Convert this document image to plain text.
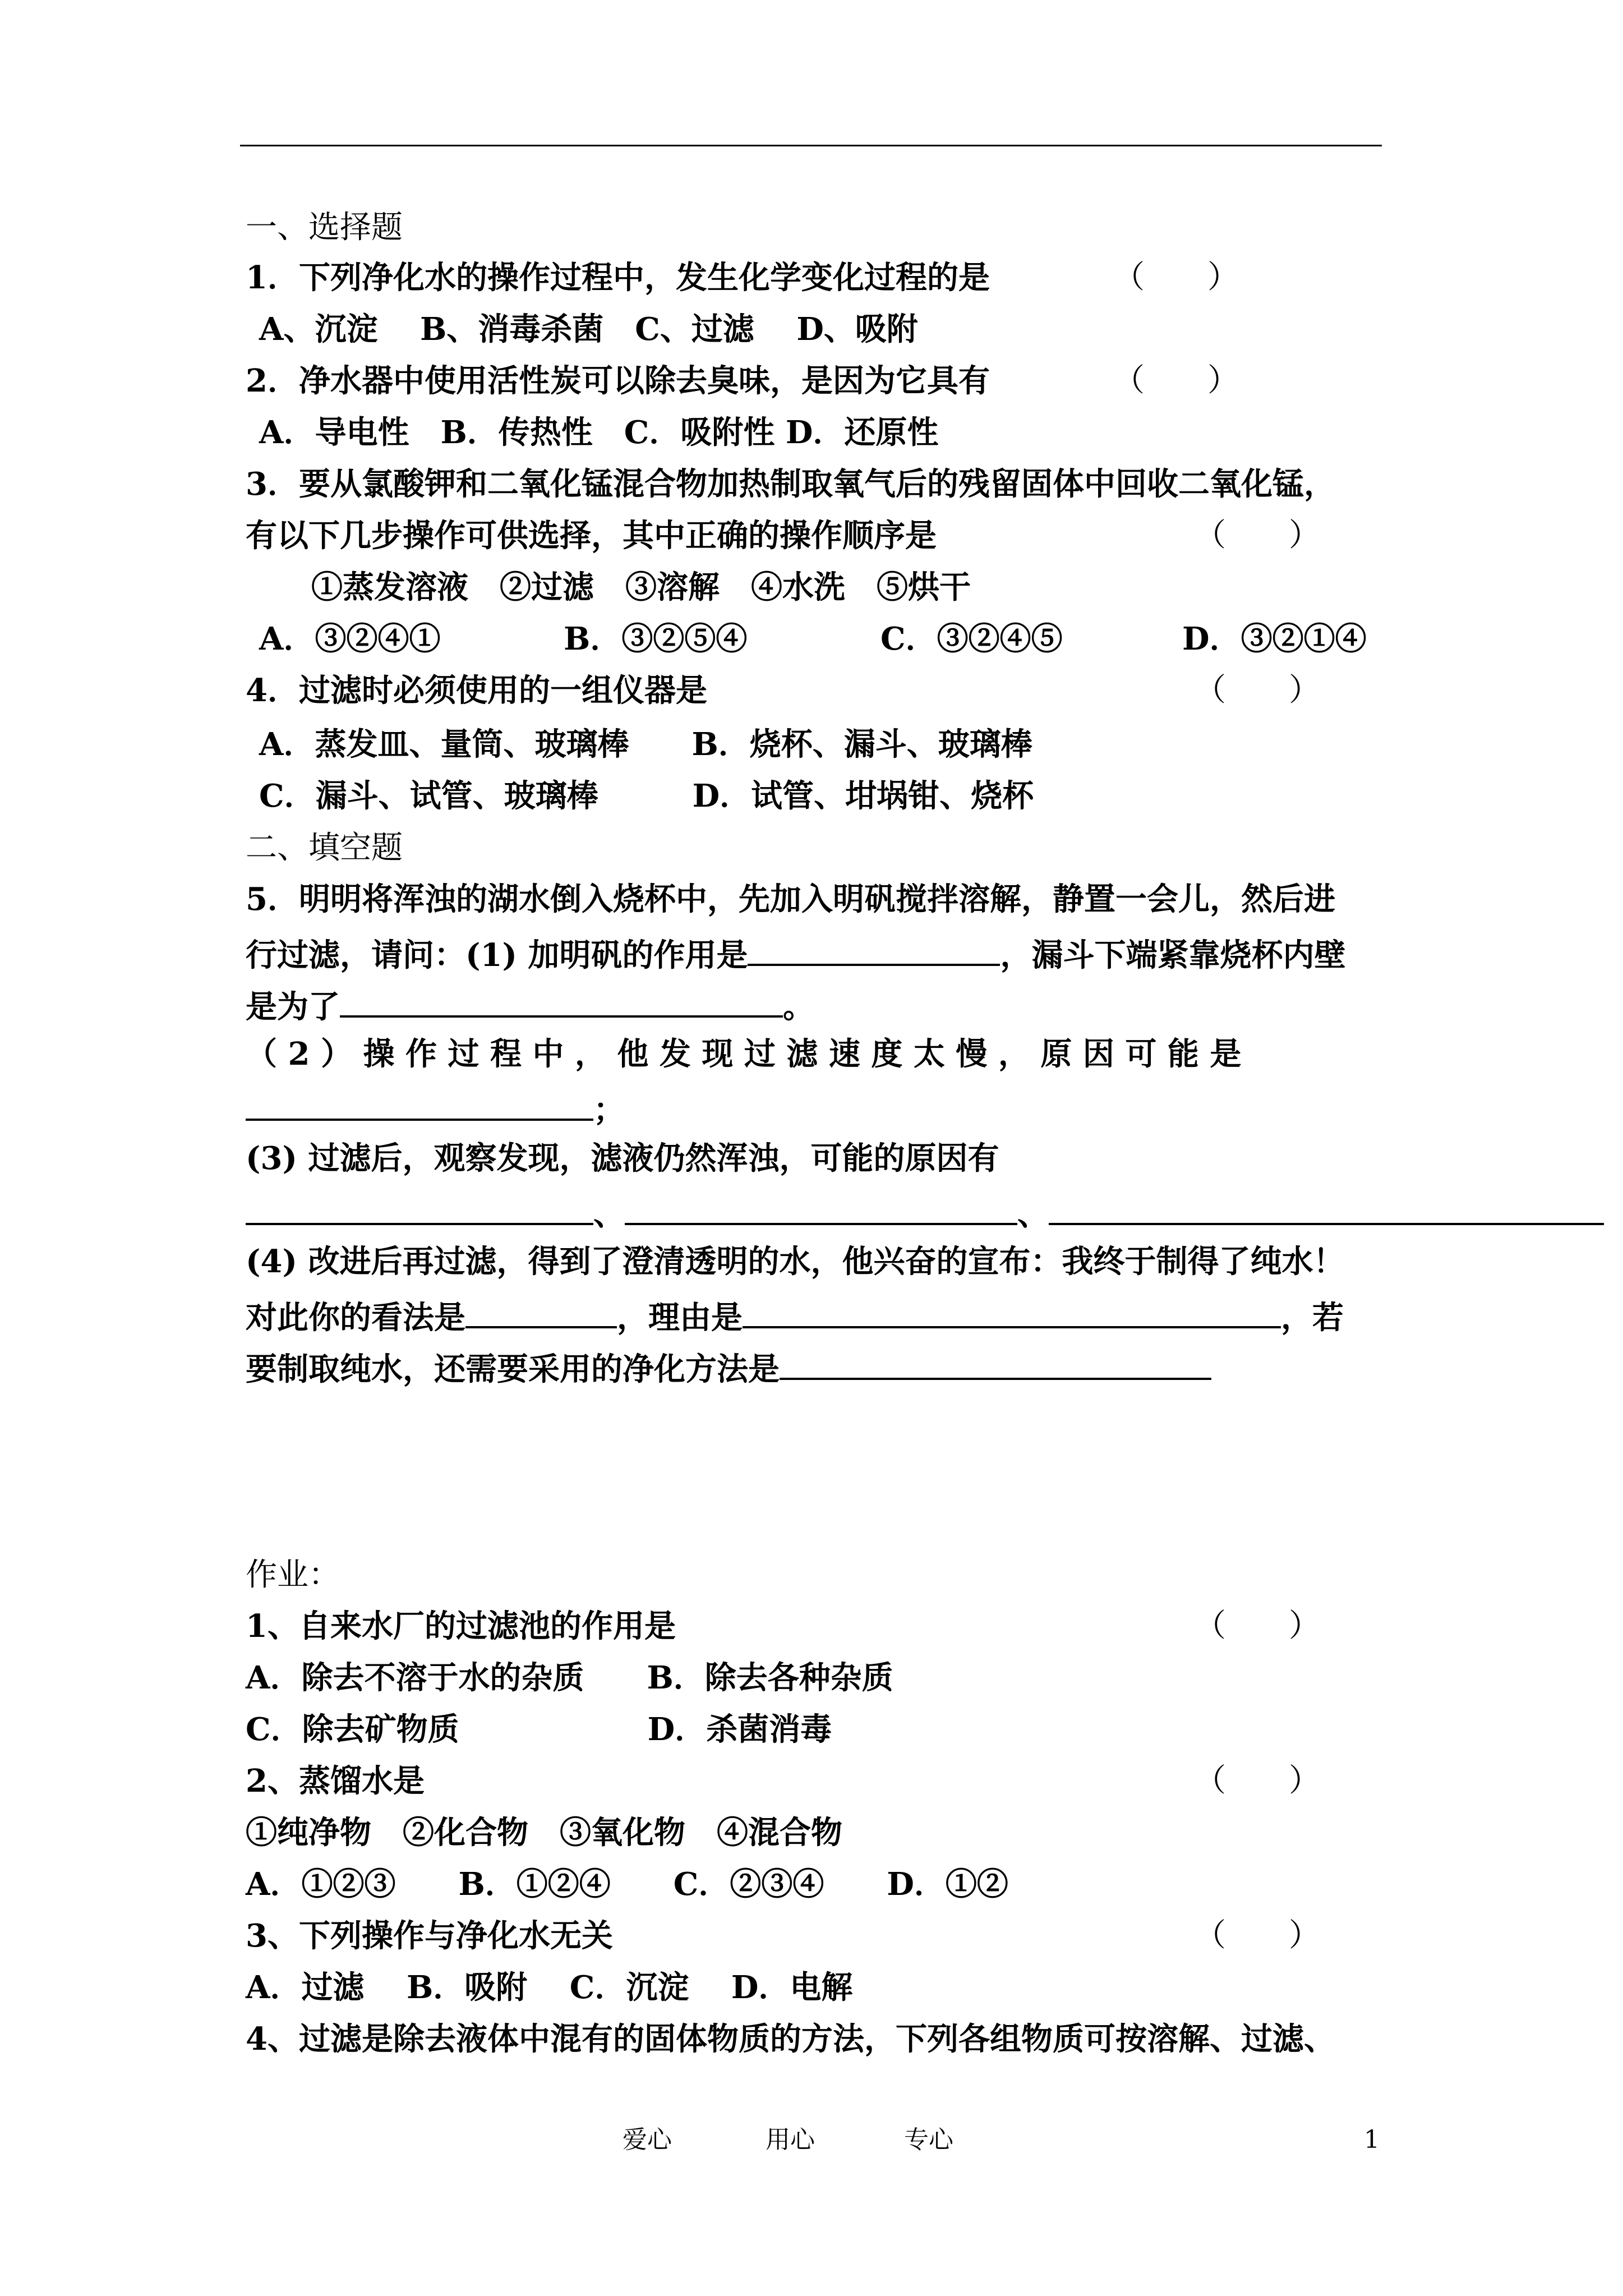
一、选择题
1．下列净化水的操作过程中，发生化学变化过程的是	（　　）
A、沉淀　 B、消毒杀菌　C、过滤　 D、吸附
2．净水器中使用活性炭可以除去臭味，是因为它具有	（　　）
A．导电性　B．传热性　C．吸附性 D．还原性
3．要从氯酸钾和二氧化锰混合物加热制取氧气后的残留固体中回收二氧化锰，
有以下几步操作可供选择，其中正确的操作顺序是	（　　）
①蒸发溶液　②过滤　③溶解　④水洗　⑤烘干
A．③②④①	B．③②⑤④	C．③②④⑤	D．③②①④
4．过滤时必须使用的一组仪器是	（　　）
A．蒸发皿、量筒、玻璃棒　　B．烧杯、漏斗、玻璃棒
C．漏斗、试管、玻璃棒　　　D．试管、坩埚钳、烧杯
二、填空题
5．明明将浑浊的湖水倒入烧杯中，先加入明矾搅拌溶解，静置一会儿，然后进
行过滤，请问：(1) 加明矾的作用是	，漏斗下端紧靠烧杯内壁
是为了	。
（ 2 ） 操 作 过 程 中 ， 他 发 现 过 滤 速 度 太 慢 ， 原 因 可 能 是
；
(3) 过滤后，观察发现，滤液仍然浑浊，可能的原因有
、	、
(4) 改进后再过滤，得到了澄清透明的水，他兴奋的宣布：我终于制得了纯水！
对此你的看法是	，理由是	，若
要制取纯水，还需要采用的净化方法是
作业：
1、自来水厂的过滤池的作用是	（　　）
A．除去不溶于水的杂质　　B．除去各种杂质
C．除去矿物质　　　　　　D．杀菌消毒
2、蒸馏水是	（　　）
①纯净物　②化合物　③氧化物　④混合物
A．①②③　　B．①②④　　C．②③④　　D．①②
3、下列操作与净化水无关	（　　）
A．过滤　 B．吸附　 C．沉淀　 D．电解
4、过滤是除去液体中混有的固体物质的方法，下列各组物质可按溶解、过滤、
爱心	用心	专心	1
